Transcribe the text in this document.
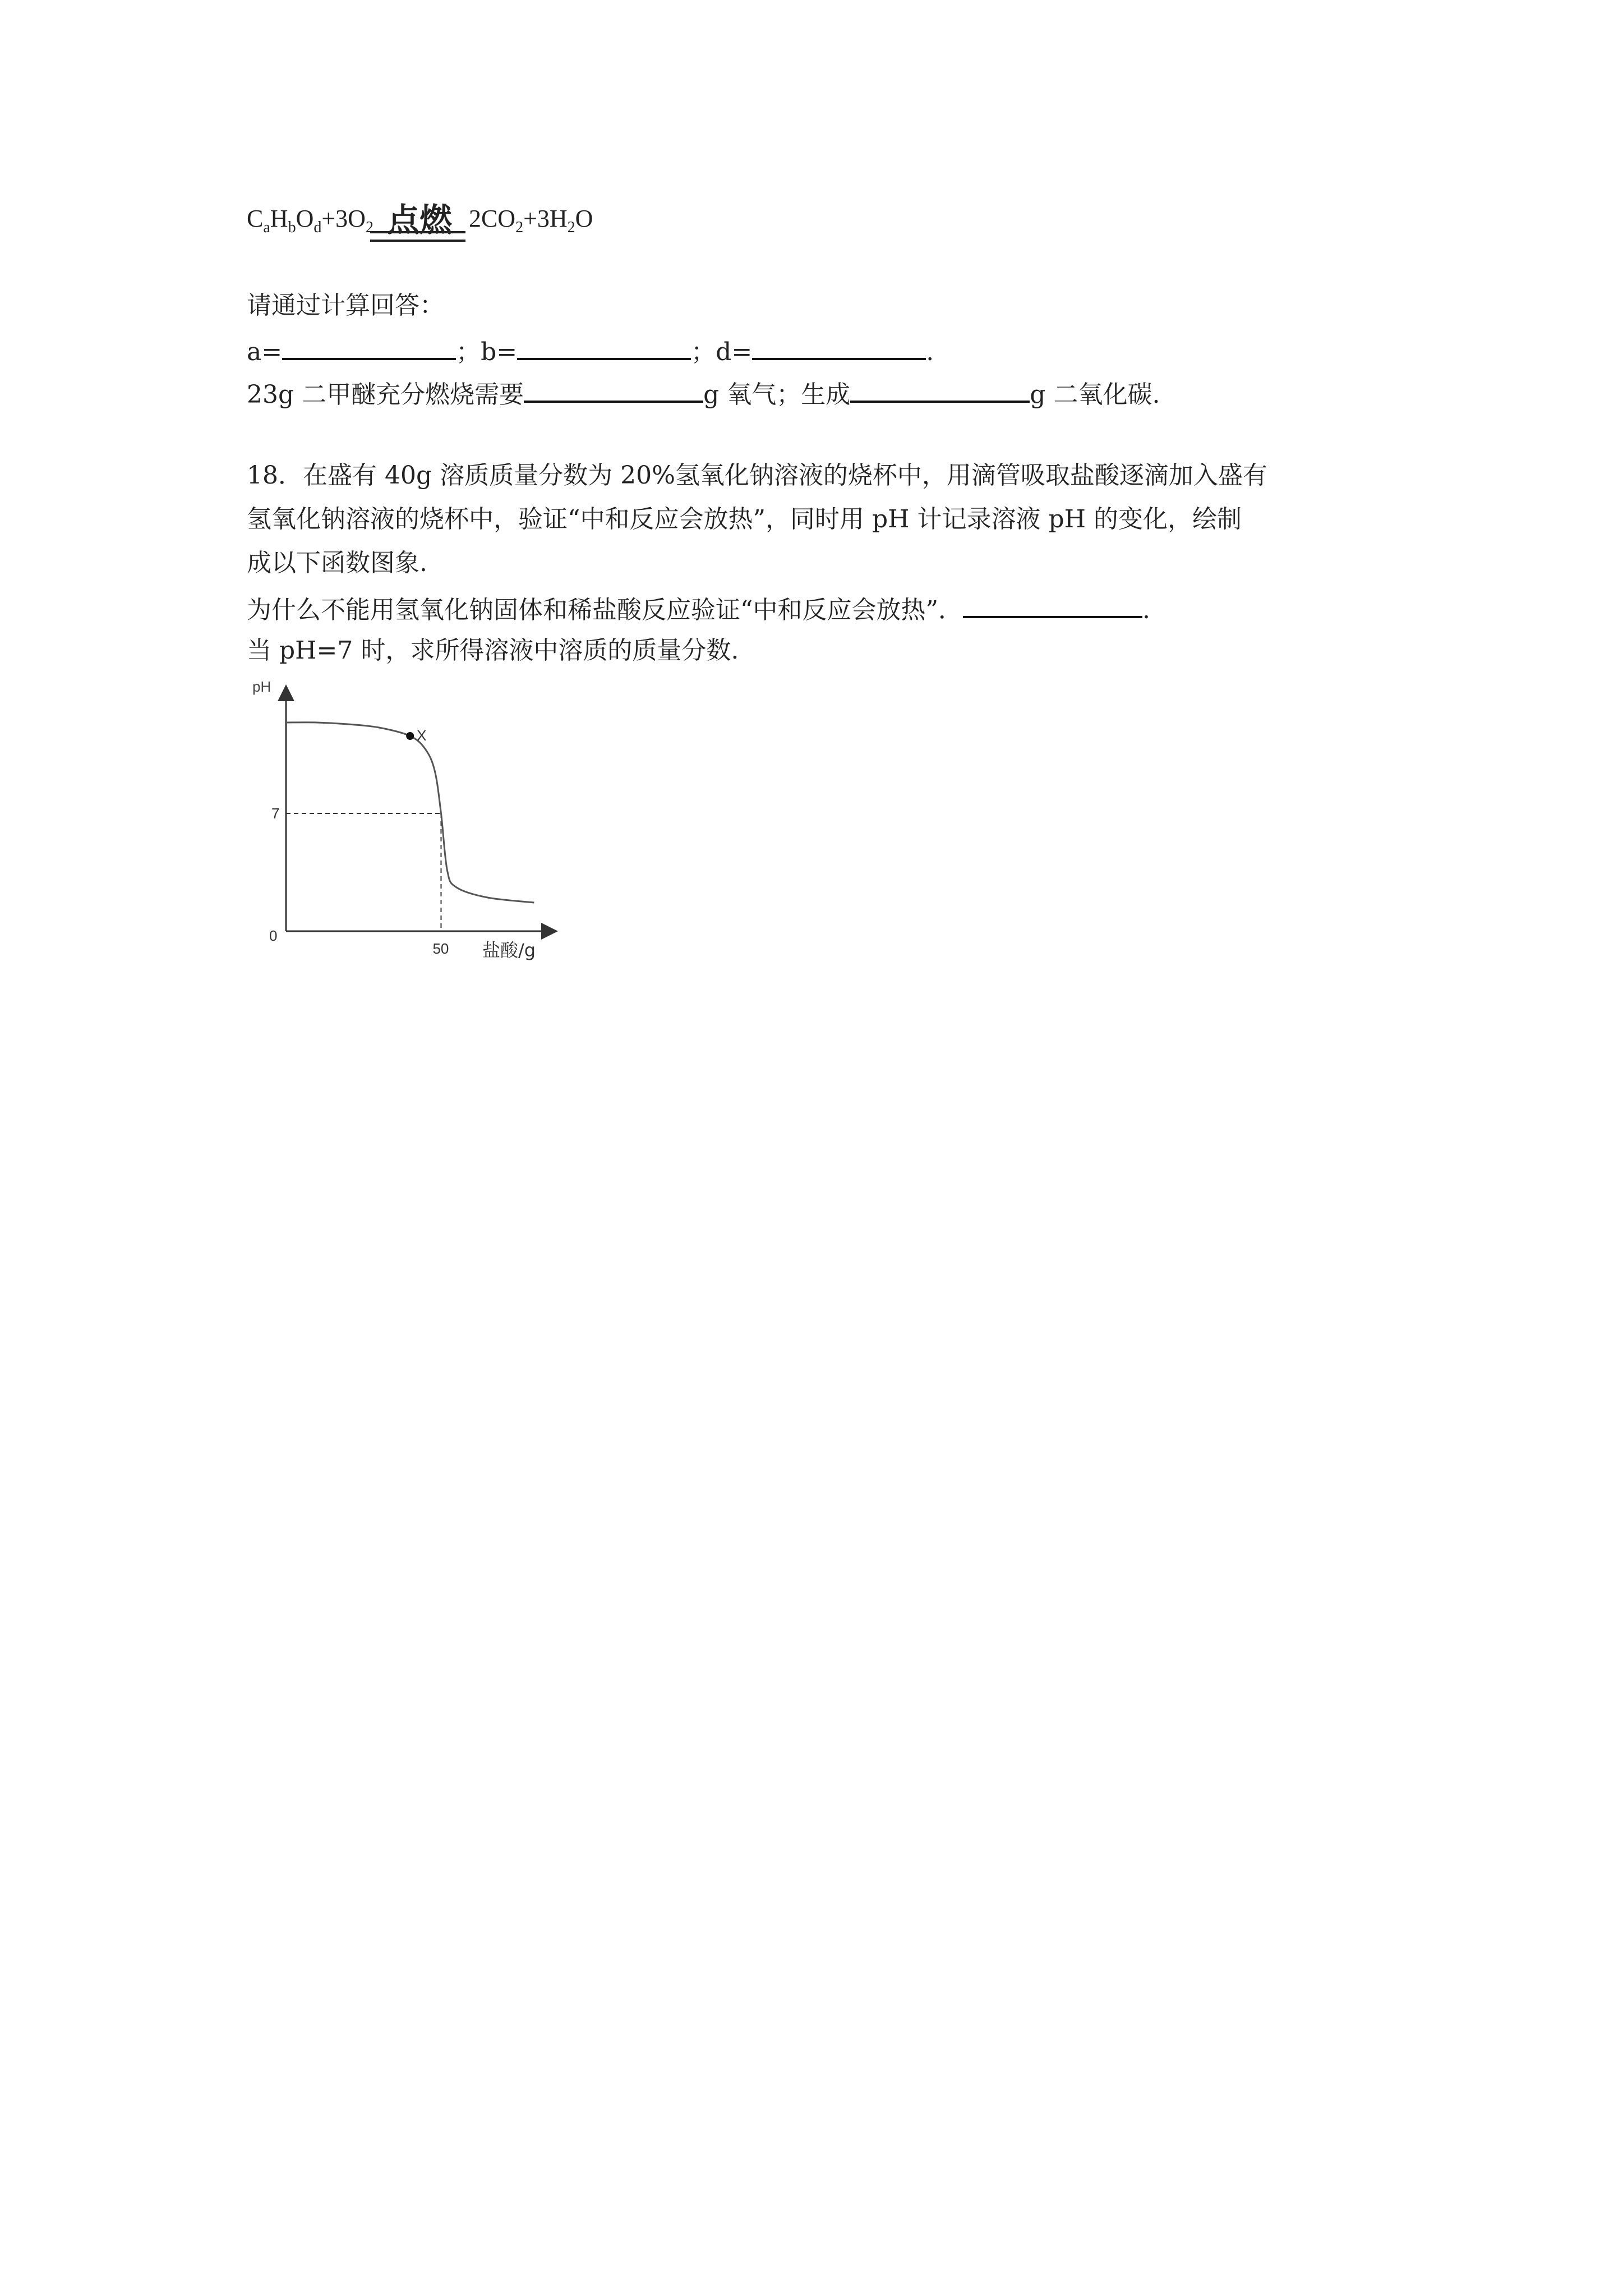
点燃
$C_aH_bO_d+3O_2$	$2CO_2+3H_2O$
请通过计算回答：
a=	；b=	；d=	.
23g 二甲醚充分燃烧需要	g 氧气；生成	g 二氧化碳.
18．在盛有 40g 溶质质量分数为 20%氢氧化钠溶液的烧杯中，用滴管吸取盐酸逐滴加入盛有
氢氧化钠溶液的烧杯中，验证“中和反应会放热”，同时用 pH 计记录溶液 pH 的变化，绘制
成以下函数图象.
为什么不能用氢氧化钠固体和稀盐酸反应验证“中和反应会放热”．	.
当 pH=7 时，求所得溶液中溶质的质量分数.
pH
盐酸/g
0
7
50
X
